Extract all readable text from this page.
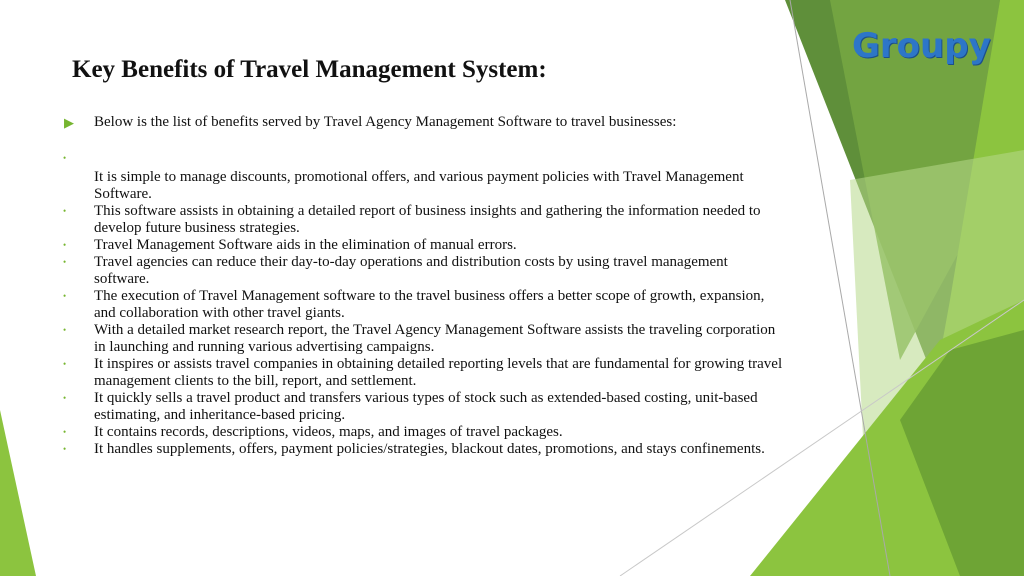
Groupy
Key Benefits of Travel Management System:
▶ Below is the list of benefits served by Travel Agency Management Software to travel businesses:
•
It is simple to manage discounts, promotional offers, and various payment policies with Travel Management Software.
• This software assists in obtaining a detailed report of business insights and gathering the information needed to develop future business strategies.
• Travel Management Software aids in the elimination of manual errors.
• Travel agencies can reduce their day-to-day operations and distribution costs by using travel management software.
• The execution of Travel Management software to the travel business offers a better scope of growth, expansion, and collaboration with other travel giants.
• With a detailed market research report, the Travel Agency Management Software assists the traveling corporation in launching and running various advertising campaigns.
• It inspires or assists travel companies in obtaining detailed reporting levels that are fundamental for growing travel management clients to the bill, report, and settlement.
• It quickly sells a travel product and transfers various types of stock such as extended-based costing, unit-based estimating, and inheritance-based pricing.
• It contains records, descriptions, videos, maps, and images of travel packages.
• It handles supplements, offers, payment policies/strategies, blackout dates, promotions, and stays confinements.
